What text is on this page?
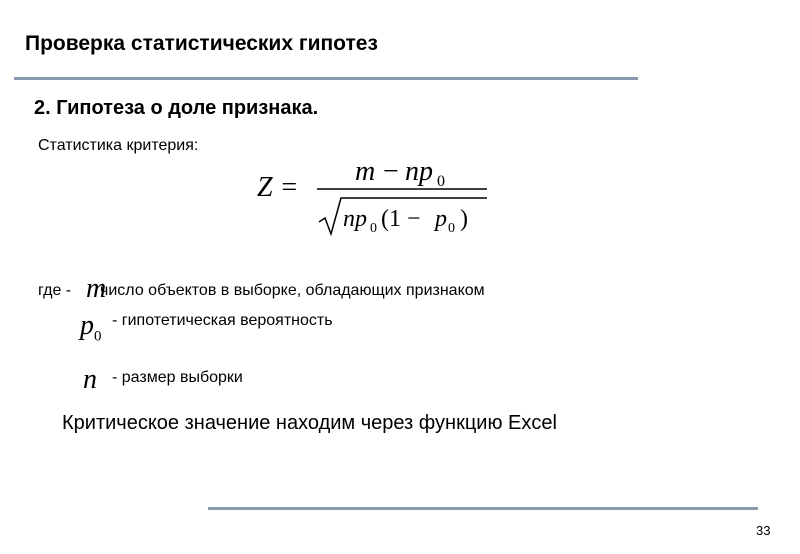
Проверка статистических гипотез
2. Гипотеза о доле признака.
Статистика критерия:
Z =
m − np 0
np 0 (1 − p 0 )
где - число объектов в выборке, обладающих признаком
m
$p_0$
- гипотетическая вероятность
n - размер выборки
Критическое значение находим через функцию Excel
33
